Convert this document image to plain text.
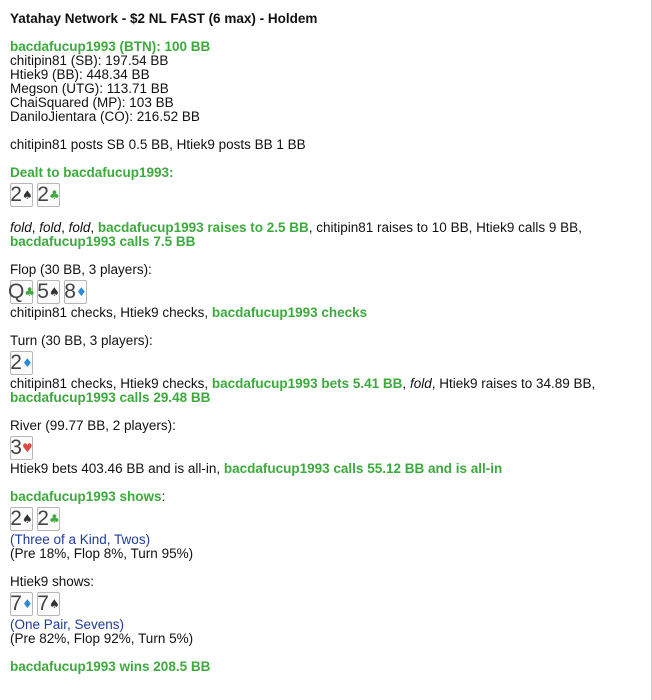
Yatahay Network - $2 NL FAST (6 max) - Holdem
bacdafucup1993 (BTN): 100 BB
chitipin81 (SB): 197.54 BB
Htiek9 (BB): 448.34 BB
Megson (UTG): 113.71 BB
ChaiSquared (MP): 103 BB
DaniloJientara (CO): 216.52 BB
chitipin81 posts SB 0.5 BB, Htiek9 posts BB 1 BB
Dealt to bacdafucup1993:
2 ♠ 2 ♣
fold, fold, fold, bacdafucup1993 raises to 2.5 BB, chitipin81 raises to 10 BB, Htiek9 calls 9 BB,
bacdafucup1993 calls 7.5 BB
Flop (30 BB, 3 players):
Q ♣ 5 ♠ 8 ♦
chitipin81 checks, Htiek9 checks, bacdafucup1993 checks
Turn (30 BB, 3 players):
2 ♦
chitipin81 checks, Htiek9 checks, bacdafucup1993 bets 5.41 BB, fold, Htiek9 raises to 34.89 BB,
bacdafucup1993 calls 29.48 BB
River (99.77 BB, 2 players):
3 ♥
Htiek9 bets 403.46 BB and is all-in, bacdafucup1993 calls 55.12 BB and is all-in
bacdafucup1993 shows:
2 ♠ 2 ♣
(Three of a Kind, Twos)
(Pre 18%, Flop 8%, Turn 95%)
Htiek9 shows:
7 ♦ 7 ♠
(One Pair, Sevens)
(Pre 82%, Flop 92%, Turn 5%)
bacdafucup1993 wins 208.5 BB
